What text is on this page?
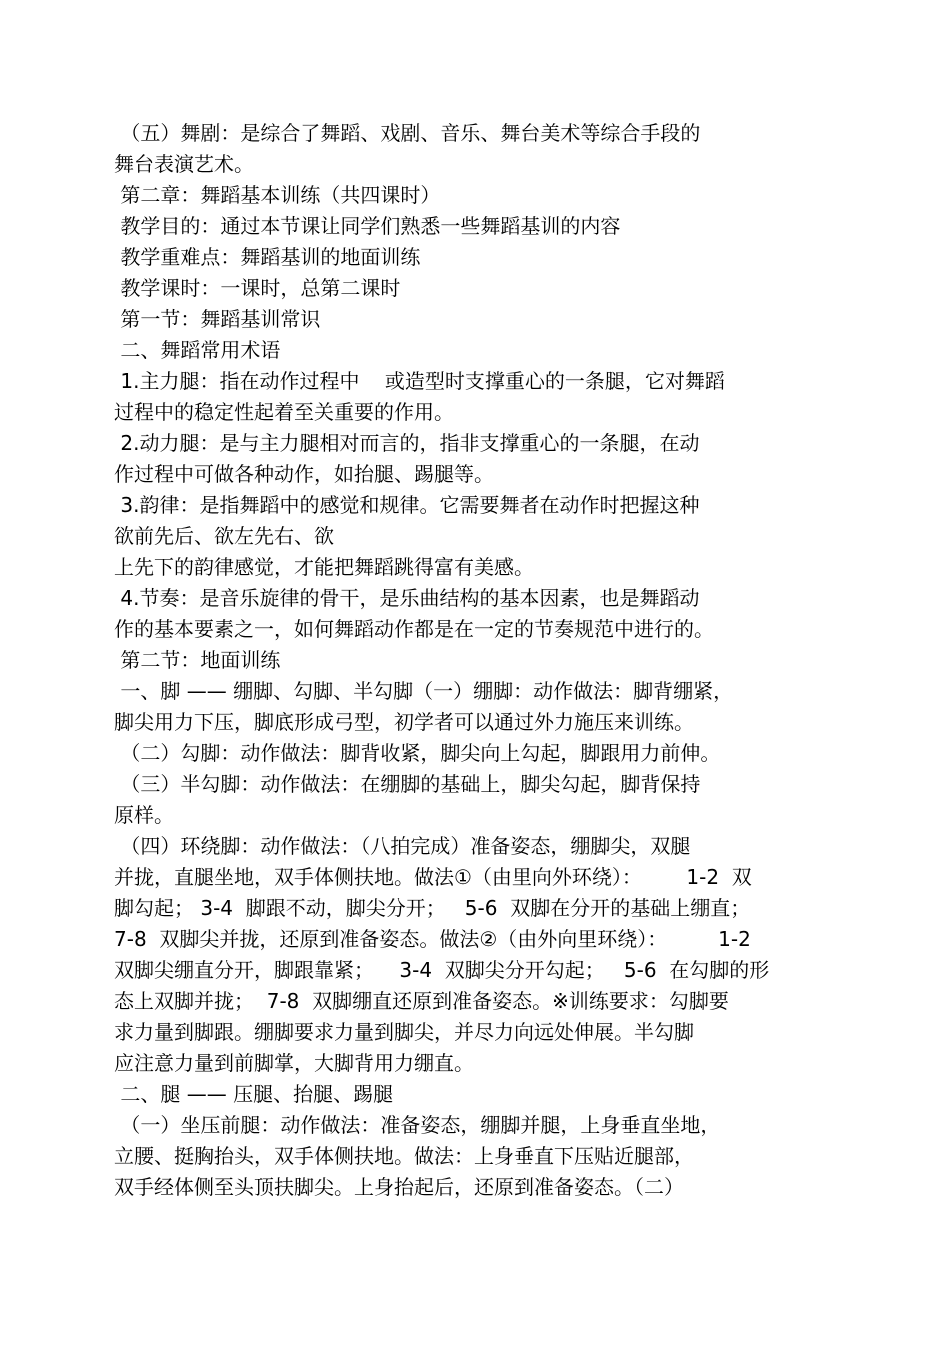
（五）舞剧：是综合了舞蹈、戏剧、音乐、舞台美术等综合手段的
舞台表演艺术。
第二章：舞蹈基本训练（共四课时）
教学目的：通过本节课让同学们熟悉一些舞蹈基训的内容
教学重难点：舞蹈基训的地面训练
教学课时：一课时，总第二课时
第一节：舞蹈基训常识
二、舞蹈常用术语
1.主力腿：指在动作过程中    或造型时支撑重心的一条腿，它对舞蹈
过程中的稳定性起着至关重要的作用。
2.动力腿：是与主力腿相对而言的，指非支撑重心的一条腿，在动
作过程中可做各种动作，如抬腿、踢腿等。
3.韵律：是指舞蹈中的感觉和规律。它需要舞者在动作时把握这种
欲前先后、欲左先右、欲
上先下的韵律感觉，才能把舞蹈跳得富有美感。
4.节奏：是音乐旋律的骨干，是乐曲结构的基本因素，也是舞蹈动
作的基本要素之一，如何舞蹈动作都是在一定的节奏规范中进行的。
第二节：地面训练
一、脚 —— 绷脚、勾脚、半勾脚（一）绷脚：动作做法：脚背绷紧，
脚尖用力下压，脚底形成弓型，初学者可以通过外力施压来训练。
（二）勾脚：动作做法：脚背收紧，脚尖向上勾起，脚跟用力前伸。
（三）半勾脚：动作做法：在绷脚的基础上，脚尖勾起，脚背保持
原样。
（四）环绕脚：动作做法：（八拍完成）准备姿态，绷脚尖，双腿
并拢，直腿坐地，双手体侧扶地。做法①（由里向外环绕）：       1-2  双
脚勾起； 3-4  脚跟不动，脚尖分开；   5-6  双脚在分开的基础上绷直；
7-8  双脚尖并拢，还原到准备姿态。做法②（由外向里环绕）：        1-2
双脚尖绷直分开，脚跟靠紧；    3-4  双脚尖分开勾起；   5-6  在勾脚的形
态上双脚并拢；  7-8  双脚绷直还原到准备姿态。※训练要求：勾脚要
求力量到脚跟。绷脚要求力量到脚尖，并尽力向远处伸展。半勾脚
应注意力量到前脚掌，大脚背用力绷直。
二、腿 —— 压腿、抬腿、踢腿
（一）坐压前腿：动作做法：准备姿态，绷脚并腿，上身垂直坐地，
立腰、挺胸抬头，双手体侧扶地。做法：上身垂直下压贴近腿部，
双手经体侧至头顶扶脚尖。上身抬起后，还原到准备姿态。（二）
